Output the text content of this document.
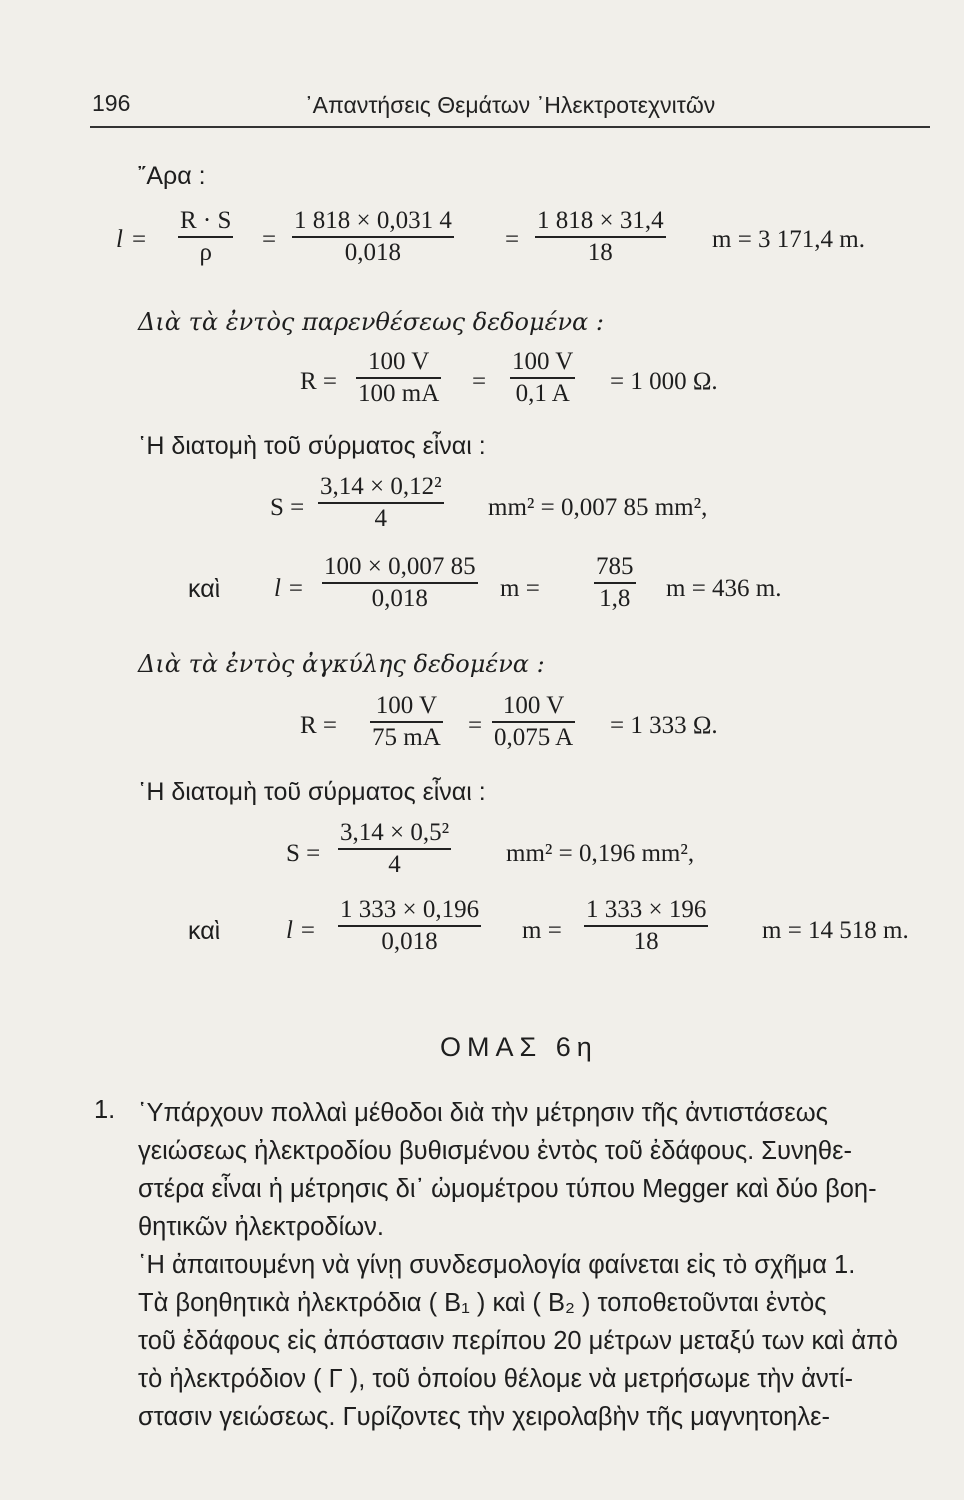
196	᾿Απαντήσεις Θεμάτων ᾿Ηλεκτροτεχνιτῶν
῎Αρα :
l =
R · S
ρ =
1 818 × 0,031 4
0,018	=
1 818 × 31,4
18	m = 3 171,4 m.
Διὰ τὰ ἐντὸς παρενθέσεως δεδομένα :
R =
100 V
100 mA =
100 V
0,1 A = 1 000 Ω.
῾Η διατομὴ τοῦ σύρματος εἶναι :
S =
3,14 × 0,12²
4	mm² = 0,007 85 mm²,
καὶ l =
100 × 0,007 85
0,018	m =
785
1,8 m = 436 m.
Διὰ τὰ ἐντὸς ἀγκύλης δεδομένα :
R =
100 V
75 mA =
100 V
0,075 A = 1 333 Ω.
῾Η διατομὴ τοῦ σύρματος εἶναι :
S =
3,14 × 0,5²
4	mm² = 0,196 mm²,
καὶ	l =
1 333 × 0,196
0,018	m =
1 333 × 196
18	m = 14 518 m.
ΟΜΑΣ 6η
1. ῾Υπάρχουν πολλαὶ μέθοδοι διὰ τὴν μέτρησιν τῆς ἀντιστάσεως
γειώσεως ἠλεκτροδίου βυθισμένου ἐντὸς τοῦ ἐδάφους. Συνηθε-
στέρα εἶναι ἡ μέτρησις δι᾿ ὠμομέτρου τύπου Megger καὶ δύο βοη-
θητικῶν ἠλεκτροδίων.
῾Η ἀπαιτουμένη νὰ γίνῃ συνδεσμολογία φαίνεται εἰς τὸ σχῆμα 1.
Τὰ βοηθητικὰ ἠλεκτρόδια ( B₁ ) καὶ ( B₂ ) τοποθετοῦνται ἐντὸς
τοῦ ἐδάφους εἰς ἀπόστασιν περίπου 20 μέτρων μεταξύ των καὶ ἀπὸ
τὸ ἠλεκτρόδιον ( Γ ), τοῦ ὁποίου θέλομε νὰ μετρήσωμε τὴν ἀντί-
στασιν γειώσεως. Γυρίζοντες τὴν χειρολαβὴν τῆς μαγνητοηλε-
